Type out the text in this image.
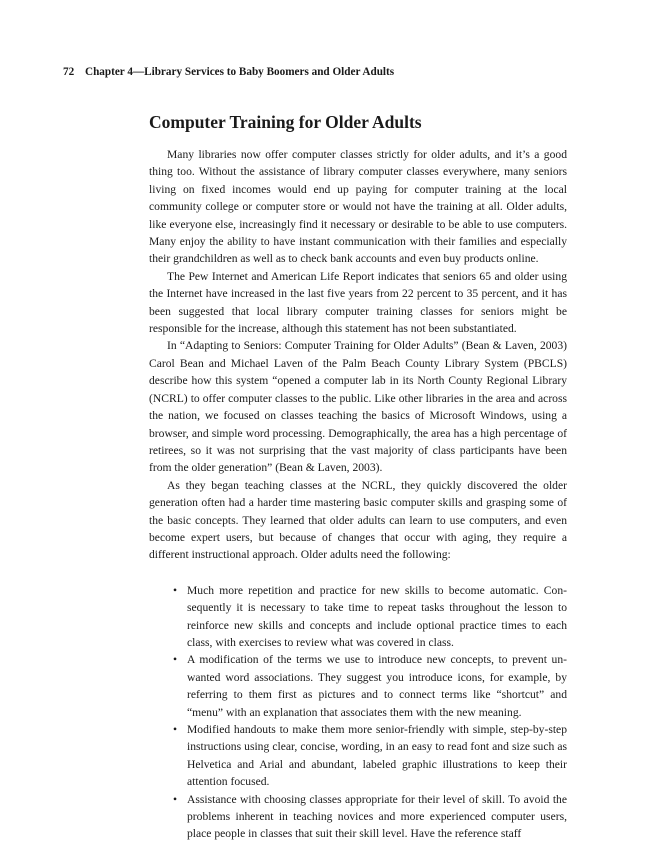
72 Chapter 4—Library Services to Baby Boomers and Older Adults
Computer Training for Older Adults

Many libraries now offer computer classes strictly for older adults, and it’s a good thing too. Without the assistance of library computer classes everywhere, many seniors living on fixed incomes would end up paying for computer training at the local community college or computer store or would not have the training at all. Older adults, like everyone else, increasingly find it necessary or desirable to be able to use computers. Many enjoy the ability to have instant communication with their families and especially their grandchildren as well as to check bank accounts and even buy products online.

The Pew Internet and American Life Report indicates that seniors 65 and older using the Internet have increased in the last five years from 22 percent to 35 percent, and it has been suggested that local library computer training classes for seniors might be responsible for the increase, although this statement has not been substantiated.

In “Adapting to Seniors: Computer Training for Older Adults” (Bean & Laven, 2003) Carol Bean and Michael Laven of the Palm Beach County Library System (PBCLS) describe how this system “opened a computer lab in its North County Regional Library (NCRL) to offer computer classes to the public. Like other libraries in the area and across the nation, we focused on classes teaching the basics of Microsoft Windows, using a browser, and simple word processing. Demographically, the area has a high percentage of retirees, so it was not surprising that the vast majority of class participants have been from the older generation” (Bean & Laven, 2003).

As they began teaching classes at the NCRL, they quickly discovered the older generation often had a harder time mastering basic computer skills and grasping some of the basic concepts. They learned that older adults can learn to use computers, and even become expert users, but because of changes that occur with aging, they require a different instructional approach. Older adults need the following:

• Much more repetition and practice for new skills to become automatic. Consequently it is necessary to take time to repeat tasks throughout the lesson to reinforce new skills and concepts and include optional practice times to each class, with exercises to review what was covered in class.
• A modification of the terms we use to introduce new concepts, to prevent unwanted word associations. They suggest you introduce icons, for example, by referring to them first as pictures and to connect terms like “shortcut” and “menu” with an explanation that associates them with the new meaning.
• Modified handouts to make them more senior-friendly with simple, step-by-step instructions using clear, concise, wording, in an easy to read font and size such as Helvetica and Arial and abundant, labeled graphic illustrations to keep their attention focused.
• Assistance with choosing classes appropriate for their level of skill. To avoid the problems inherent in teaching novices and more experienced computer users, place people in classes that suit their skill level. Have the reference staff
